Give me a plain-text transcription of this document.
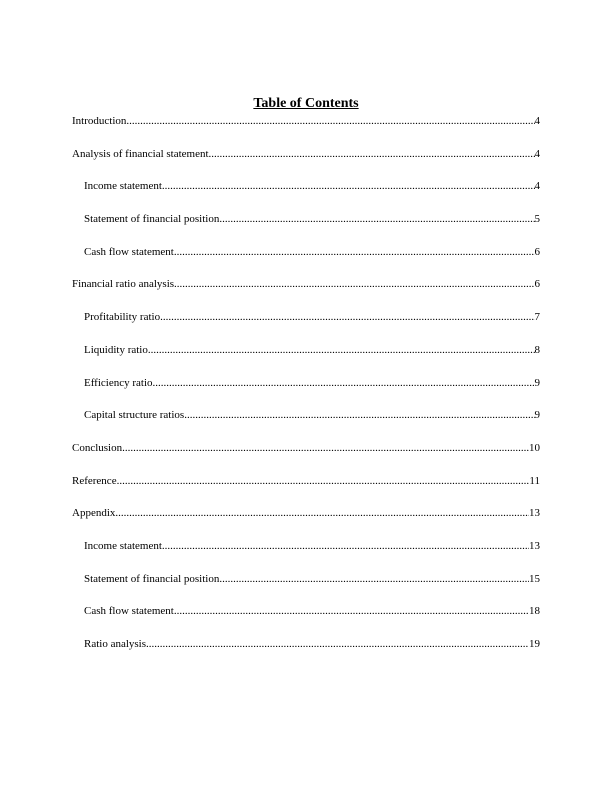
Table of Contents
Introduction .....	4
Analysis of financial statement .....	4
Income statement .....	4
Statement of financial position .....	5
Cash flow statement .....	6
Financial ratio analysis .....	6
Profitability ratio .....	7
Liquidity ratio .....	8
Efficiency ratio .....	9
Capital structure ratios .....	9
Conclusion .....	10
Reference .....	11
Appendix .....	13
Income statement .....	13
Statement of financial position .....	15
Cash flow statement .....	18
Ratio analysis .....	19
